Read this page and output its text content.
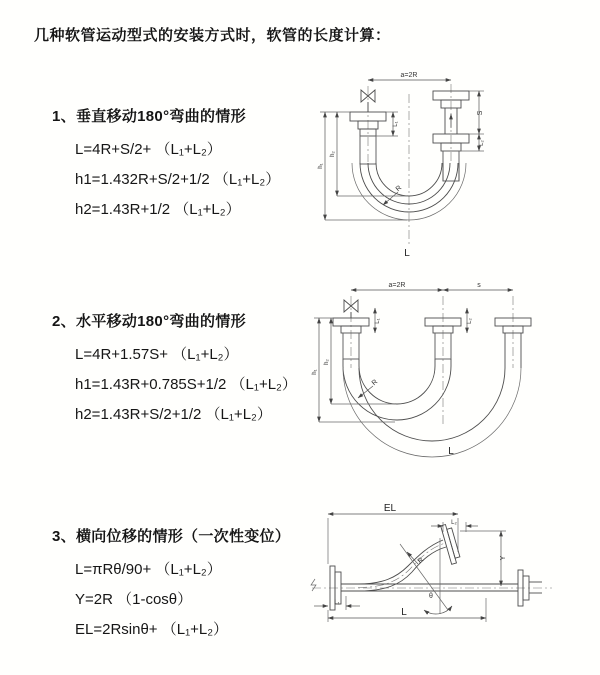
几种软管运动型式的安装方式时，软管的长度计算：
1、垂直移动180°弯曲的情形
L=4R+S/2+ （L₁+L₂）
h1=1.432R+S/2+1/2 （L₁+L₂）
h2=1.43R+1/2 （L₁+L₂）
2、水平移动180°弯曲的情形
L=4R+1.57S+ （L₁+L₂）
h1=1.43R+0.785S+1/2 （L₁+L₂）
h2=1.43R+S/2+1/2 （L₁+L₂）
3、横向位移的情形（一次性变位）
L=πRθ/90+ （L₁+L₂）
Y=2R （1-cosθ）
EL=2Rsinθ+ （L₁+L₂）
a=2R
S
L₂
L₁
h₂
h₁
R
L
a=2R	s
L₁	L₂
h₂
h₁
R
L
EL
L₂
Y
R
θ
L₁
L
